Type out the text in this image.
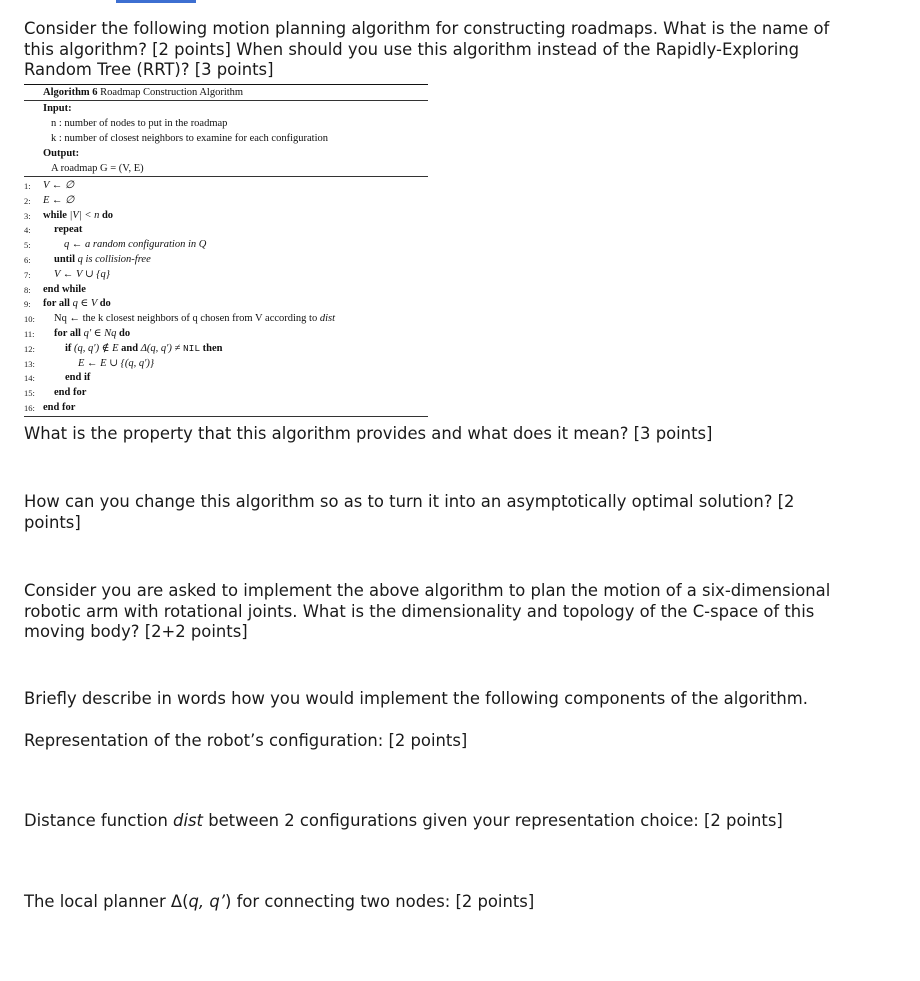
Consider the following motion planning algorithm for constructing roadmaps. What is the name of this algorithm? [2 points] When should you use this algorithm instead of the Rapidly-Exploring Random Tree (RRT)? [3 points]

Algorithm 6 Roadmap Construction Algorithm
Input:
n : number of nodes to put in the roadmap
k : number of closest neighbors to examine for each configuration
Output:
A roadmap G = (V, E)
1:	V ← ∅
2:	E ← ∅
3:	while |V| < n do
4:	repeat
5:	q ← a random configuration in Q
6:	until q is collision-free
7:	V ← V ∪ {q}
8:	end while
9:	for all q ∈ V do
10: Nq ← the k closest neighbors of q chosen from V according to dist
11:	for all q′ ∈ Nq do
12:	if (q, q′) ∉ E and Δ(q, q′) ≠ NIL then
13:	E ← E ∪ {(q, q′)}
14:	end if
15: end for
16: end for

What is the property that this algorithm provides and what does it mean? [3 points]

How can you change this algorithm so as to turn it into an asymptotically optimal solution? [2 points]

Consider you are asked to implement the above algorithm to plan the motion of a six-dimensional robotic arm with rotational joints. What is the dimensionality and topology of the C-space of this moving body? [2+2 points]

Briefly describe in words how you would implement the following components of the algorithm.

Representation of the robot’s configuration: [2 points]

Distance function dist between 2 configurations given your representation choice: [2 points]

The local planner Δ(q, q’) for connecting two nodes: [2 points]
